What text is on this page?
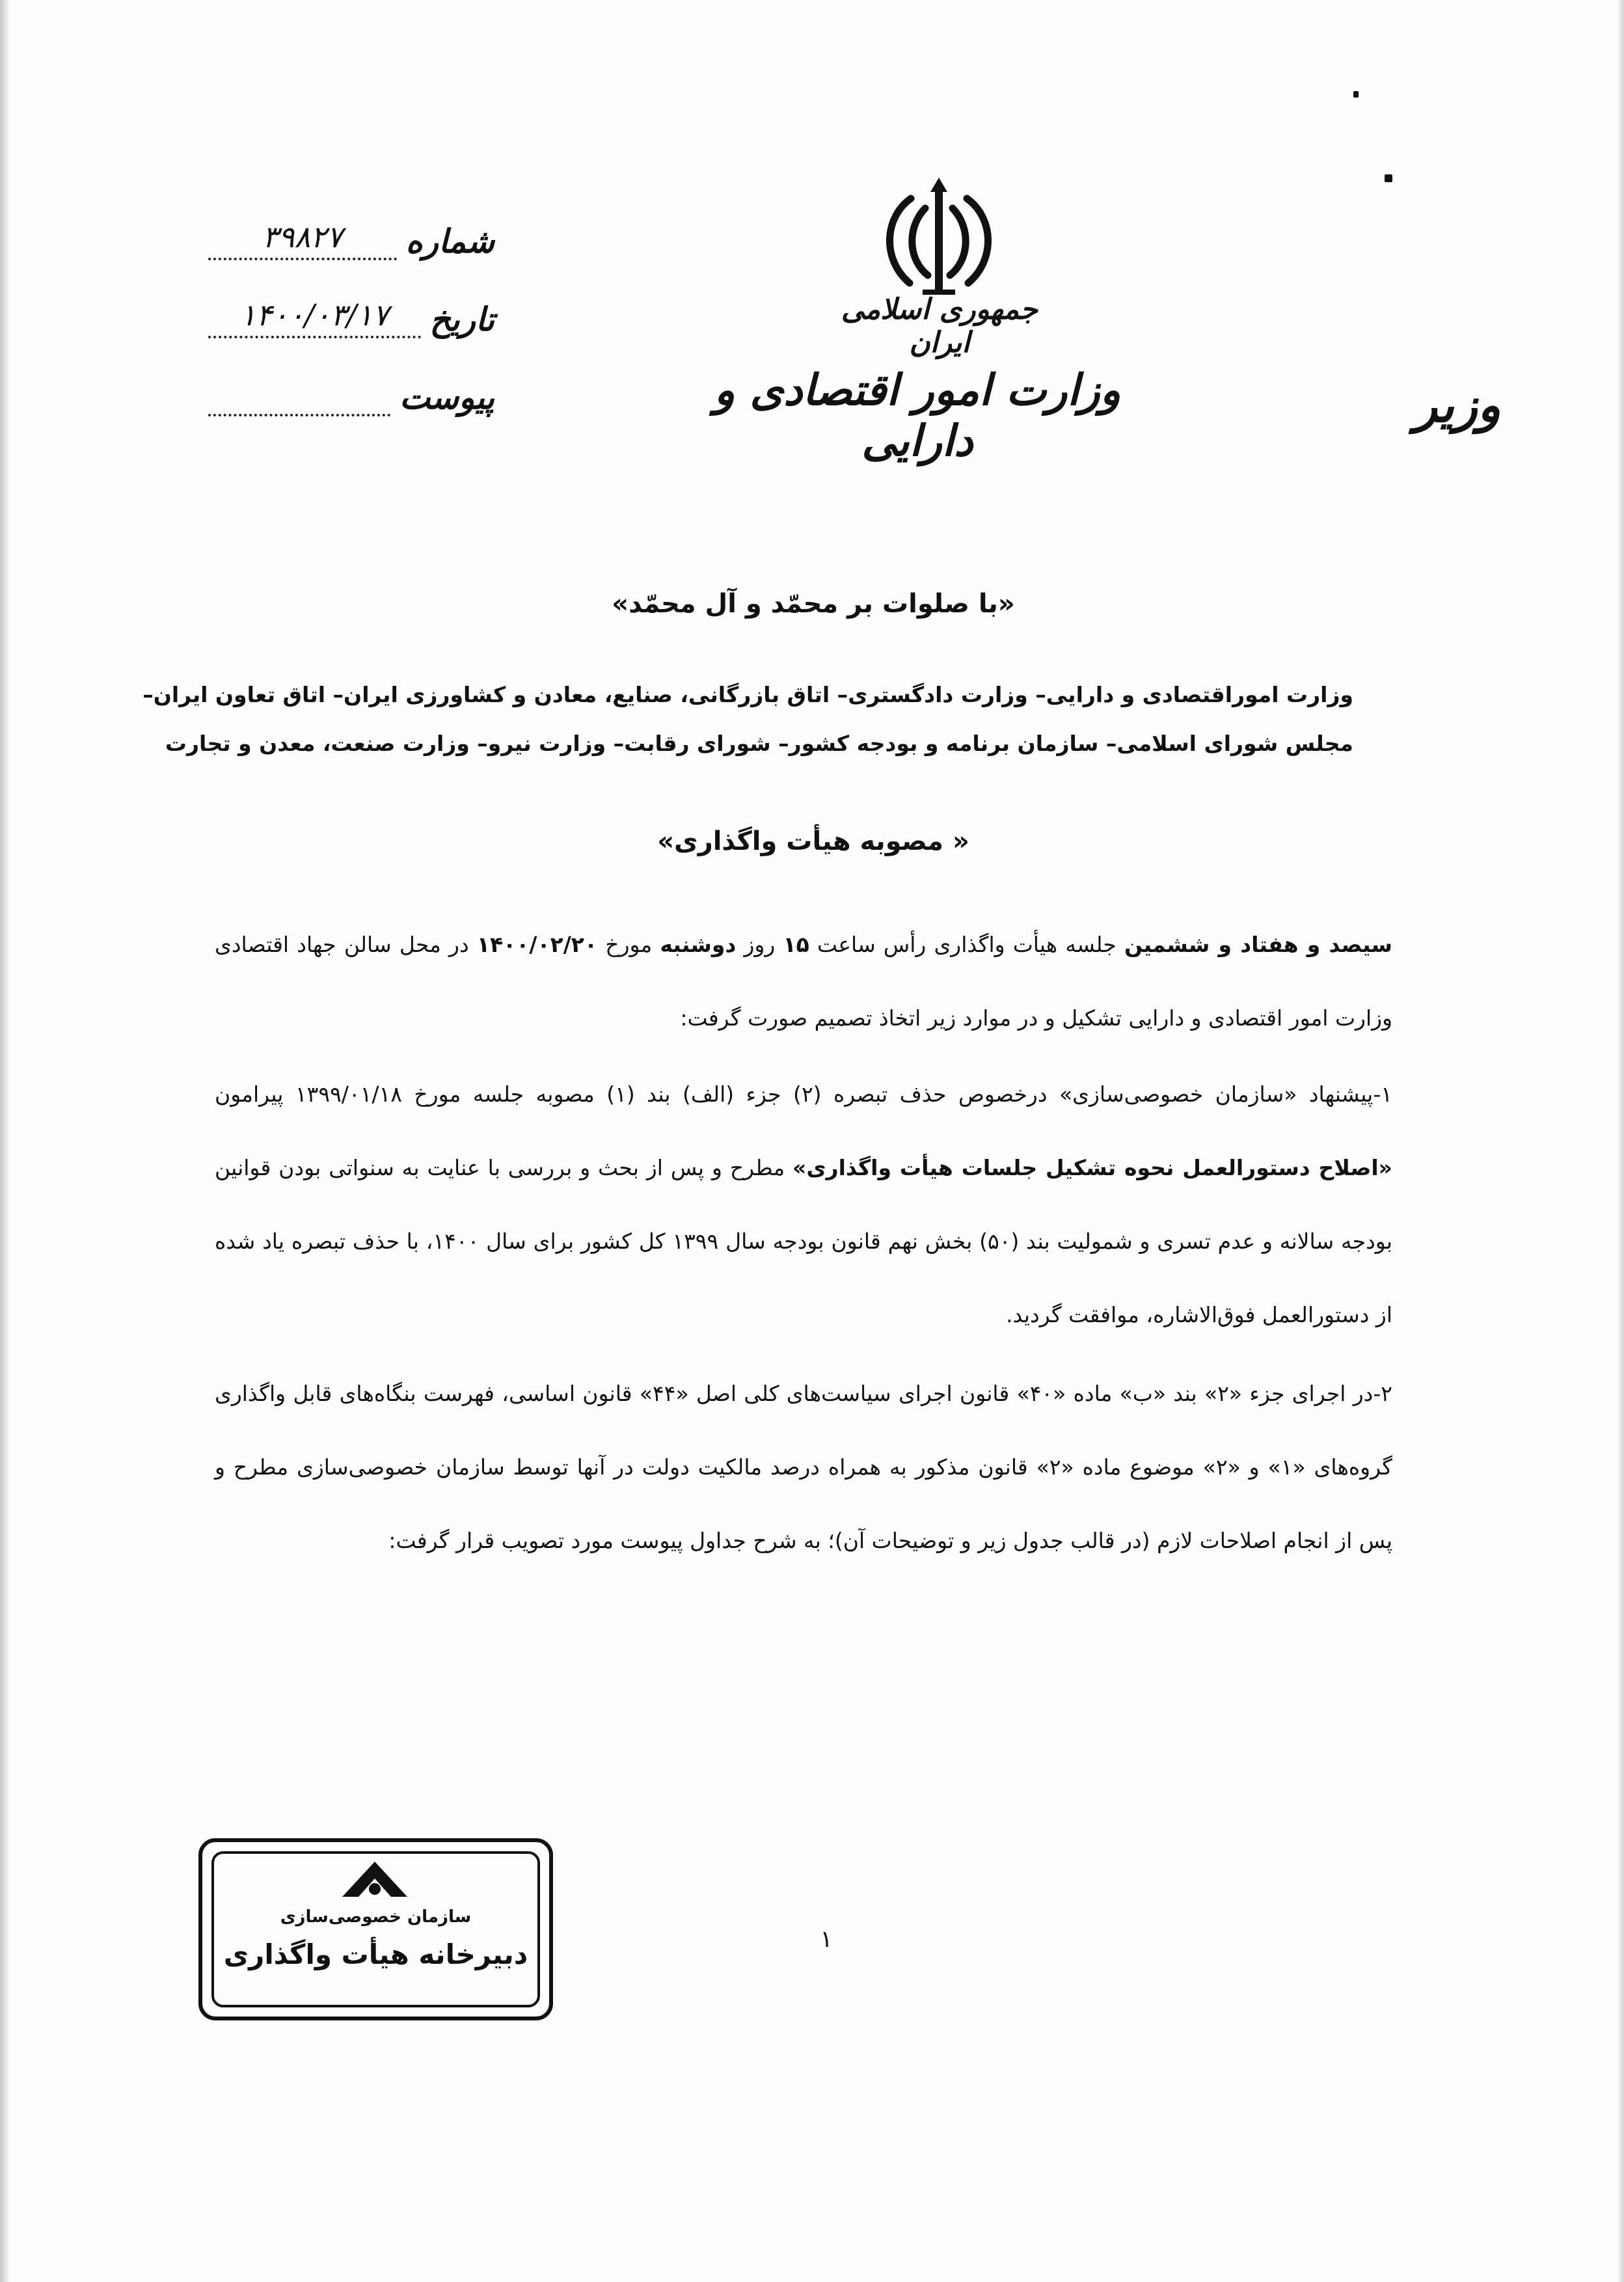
جمهوری اسلامی ایران
وزارت امور اقتصادی و دارایی
وزیر
شماره
۳۹۸۲۷
تاریخ
۱۴۰۰/۰۳/۱۷
پیوست
«با صلوات بر محمّد و آل محمّد»
وزارت اموراقتصادی و دارایی– وزارت دادگستری– اتاق بازرگانی، صنایع، معادن و کشاورزی ایران– اتاق تعاون ایران–
مجلس شورای اسلامی– سازمان برنامه و بودجه کشور– شورای رقابت– وزارت نیرو– وزارت صنعت، معدن و تجارت
« مصوبه هیأت واگذاری»
سیصد و هفتاد و ششمین جلسه هیأت واگذاری رأس ساعت ۱۵ روز دوشنبه مورخ ۱۴۰۰/۰۲/۲۰ در محل سالن جهاد اقتصادی وزارت امور اقتصادی و دارایی تشکیل و در موارد زیر اتخاذ تصمیم صورت گرفت:
۱-پیشنهاد «سازمان خصوصی‌سازی» درخصوص حذف تبصره (۲) جزء (الف) بند (۱) مصوبه جلسه مورخ ۱۳۹۹/۰۱/۱۸ پیرامون «اصلاح دستورالعمل نحوه تشکیل جلسات هیأت واگذاری» مطرح و پس از بحث و بررسی با عنایت به سنواتی بودن قوانین بودجه سالانه و عدم تسری و شمولیت بند (۵۰) بخش نهم قانون بودجه سال ۱۳۹۹ کل کشور برای سال ۱۴۰۰، با حذف تبصره یاد شده از دستورالعمل فوق‌الاشاره، موافقت گردید.
۲-در اجرای جزء «۲» بند «ب» ماده «۴۰» قانون اجرای سیاست‌های کلی اصل «۴۴» قانون اساسی، فهرست بنگاه‌های قابل واگذاری گروه‌های «۱» و «۲» موضوع ماده «۲» قانون مذکور به همراه درصد مالکیت دولت در آنها توسط سازمان خصوصی‌سازی مطرح و پس از انجام اصلاحات لازم (در قالب جدول زیر و توضیحات آن)؛ به شرح جداول پیوست مورد تصویب قرار گرفت:
سازمان خصوصی‌سازی
دبیرخانه هیأت واگذاری	۱
